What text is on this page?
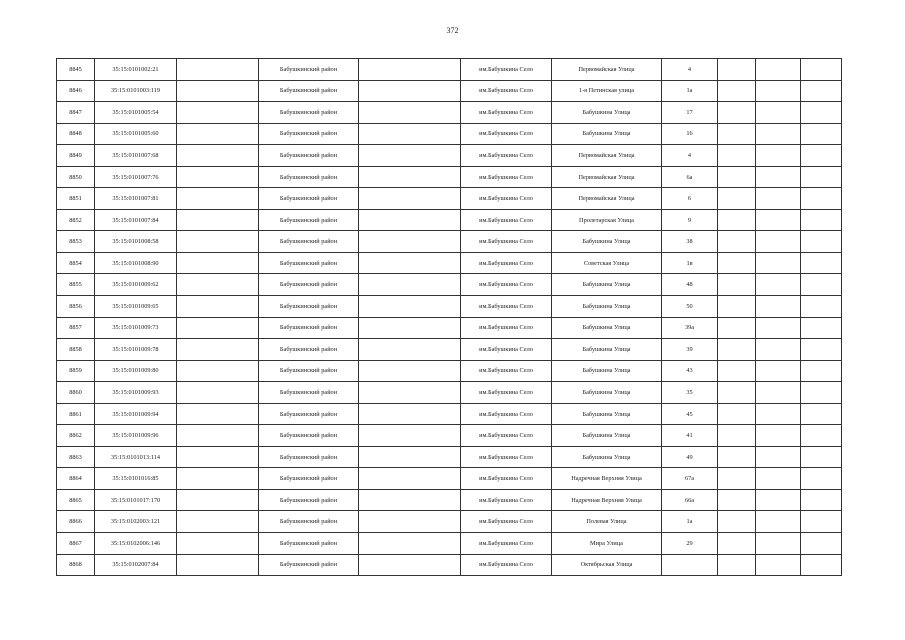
372
8845	35:15:0101002:21		Бабушкинский район		им.Бабушкина Село	Первомайская Улица	4			
8846	35:15:0101003:119		Бабушкинский район		им.Бабушкина Село	1-я Петинская улица	1а			
8847	35:15:0101005:54		Бабушкинский район		им.Бабушкина Село	Бабушкина Улица	17			
8848	35:15:0101005:60		Бабушкинский район		им.Бабушкина Село	Бабушкина Улица	16			
8849	35:15:0101007:68		Бабушкинский район		им.Бабушкина Село	Первомайская Улица	4			
8850	35:15:0101007:76		Бабушкинский район		им.Бабушкина Село	Первомайская Улица	6а			
8851	35:15:0101007:81		Бабушкинский район		им.Бабушкина Село	Первомайская Улица	6			
8852	35:15:0101007:84		Бабушкинский район		им.Бабушкина Село	Пролетарская Улица	9			
8853	35:15:0101008:58		Бабушкинский район		им.Бабушкина Село	Бабушкина Улица	38			
8854	35:15:0101008:90		Бабушкинский район		им.Бабушкина Село	Советская Улица	1в			
8855	35:15:0101009:62		Бабушкинский район		им.Бабушкина Село	Бабушкина Улица	48			
8856	35:15:0101009:65		Бабушкинский район		им.Бабушкина Село	Бабушкина Улица	50			
8857	35:15:0101009:73		Бабушкинский район		им.Бабушкина Село	Бабушкина Улица	39а			
8858	35:15:0101009:78		Бабушкинский район		им.Бабушкина Село	Бабушкина Улица	39			
8859	35:15:0101009:80		Бабушкинский район		им.Бабушкина Село	Бабушкина Улица	43			
8860	35:15:0101009:93		Бабушкинский район		им.Бабушкина Село	Бабушкина Улица	35			
8861	35:15:0101009:94		Бабушкинский район		им.Бабушкина Село	Бабушкина Улица	45			
8862	35:15:0101009:96		Бабушкинский район		им.Бабушкина Село	Бабушкина Улица	41			
8863	35:15:0101013:114		Бабушкинский район		им.Бабушкина Село	Бабушкина Улица	49			
8864	35:15:0101016:85		Бабушкинский район		им.Бабушкина Село	Надречная Верхняя Улица	67а			
8865	35:15:0101017:170		Бабушкинский район		им.Бабушкина Село	Надречная Верхняя Улица	66а			
8866	35:15:0102003:121		Бабушкинский район		им.Бабушкина Село	Полевая Улица	1а			
8867	35:15:0102006:146		Бабушкинский район		им.Бабушкина Село	Мира Улица	29			
8868	35:15:0102007:84		Бабушкинский район		им.Бабушкина Село	Октябрьская Улица				
